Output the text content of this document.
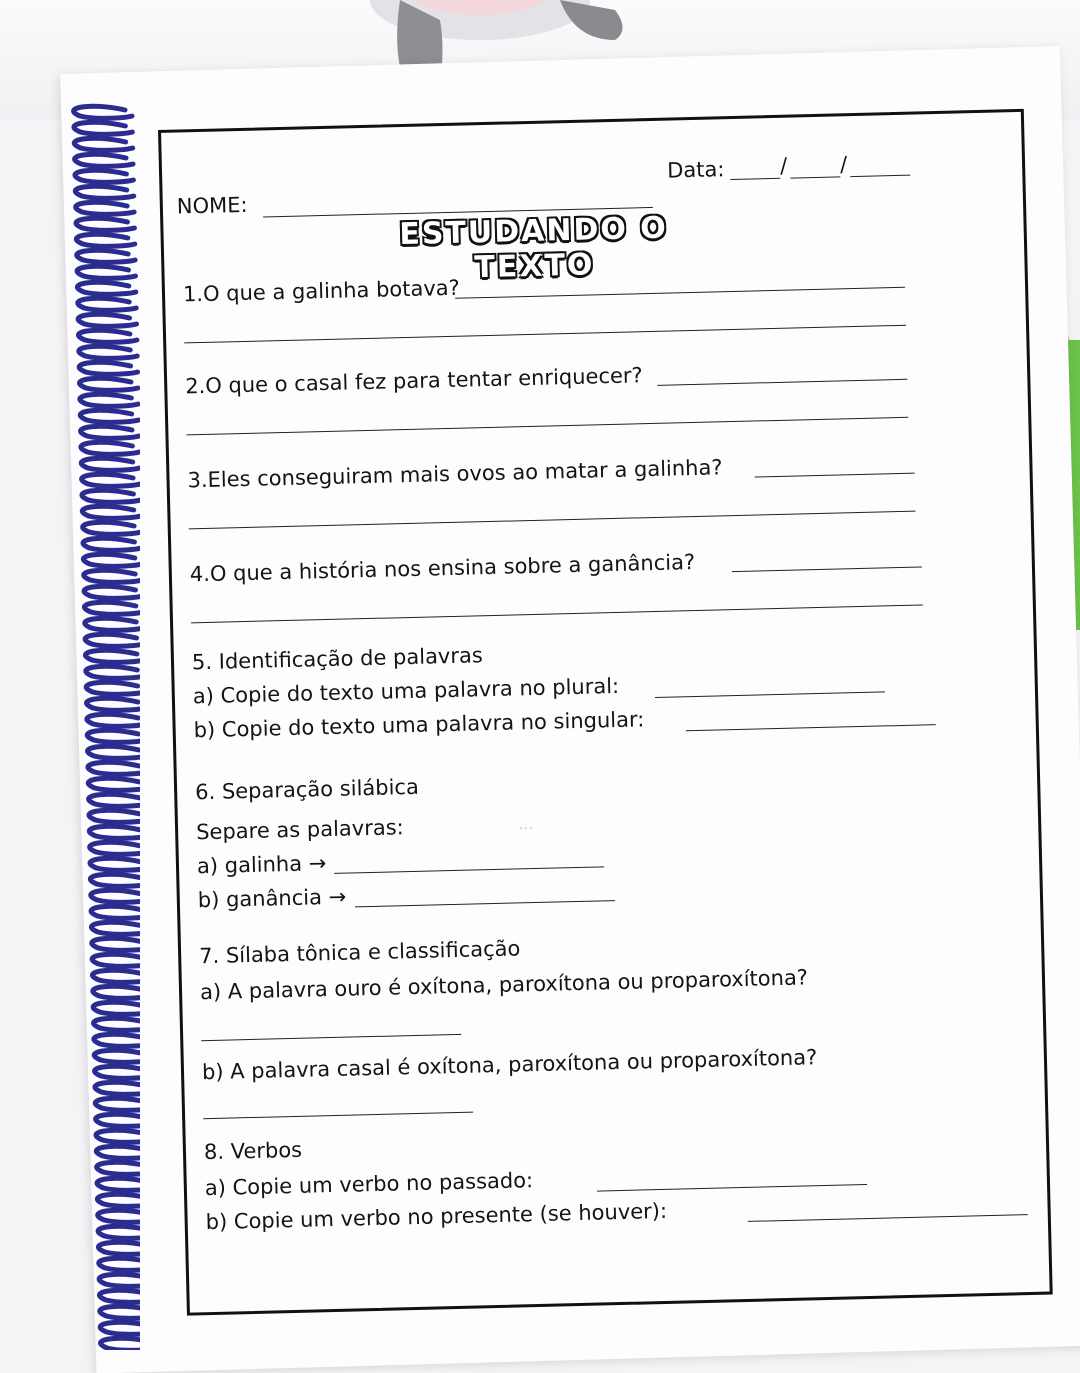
...
NOME:
Data:	/ /
ESTUDANDO O TEXTO
1.O que a galinha botava?
2.O que o casal fez para tentar enriquecer?
3.Eles conseguiram mais ovos ao matar a galinha?
4.O que a história nos ensina sobre a ganância?
5. Identificação de palavras
a) Copie do texto uma palavra no plural:
b) Copie do texto uma palavra no singular:
6. Separação silábica
Separe as palavras:
a) galinha →
b) ganância →
7. Sílaba tônica e classificação
a) A palavra ouro é oxítona, paroxítona ou proparoxítona?
b) A palavra casal é oxítona, paroxítona ou proparoxítona?
8. Verbos
a) Copie um verbo no passado:
b) Copie um verbo no presente (se houver):
